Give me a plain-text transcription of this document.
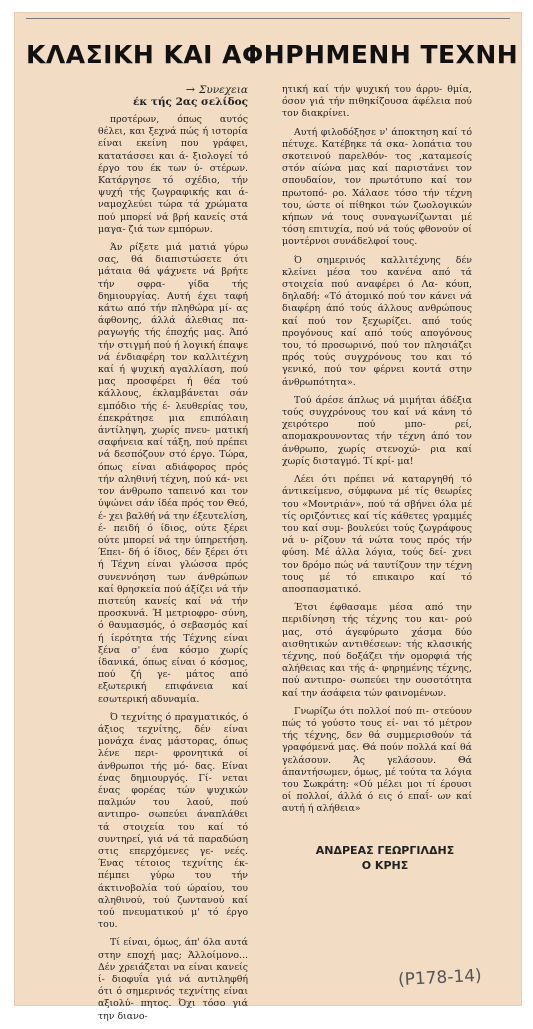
ΚΛΑΣΙΚΗ ΚΑΙ ΑΦΗΡΗΜΕΝΗ ΤΕΧΝΗ
→ Συνεχεια
έκ τής 2ας σελίδος

προτέρων, όπως αυτός θέλει, και ξεχνά πώς ή ιστορία είναι εκείνη που γράφει, κατατάσσει και ά- ξιολογεί τό έργο του έκ των ύ- στέρων. Κατάργησε τό σχέδιο, τήν ψυχή τής ζωγραφικής και ά- ναμοχλεύει τώρα τά χρώματα πού μπορεί νά βρή κανείς στά μαγα- ζιά των εμπόρων.

Άν ρίξετε μιά ματιά γύρω σας, θά διαπιστώσετε ότι μάταια θά ψάχνετε νά βρήτε τήν σφρα- γίδα τής δημιουργίας. Αυτή έχει ταφή κάτω από τήν πληθώρα μί- ας άφθονης, άλλά άλεθιας πα- ραγωγής τής έποχής μας. Άπό τήν στιγμή πού ή λογική έπαψε νά ένδιαφέρη τον καλλιτέχνη καί ή ψυχική αγαλλίαση, πού μας προσφέρει ή θέα τού κάλλους, έκλαμβάνεται σάν εμπόδιο τής έ- λευθερίας του, έπεκράτησε μια επιπόλαιη άντίληψη, χωρίς πνευ- ματική σαφήνεια καί τάξη, πού πρέπει νά δεσπόζουν στό έργο. Τώρα, όπως είναι αδιάφορος πρός τήν αληθινή τέχνη, πού κά- νει τον άνθρωπο ταπεινό και τον ύψώνει σάν ίδέα πρός τον Θεό, έ- χει βαλθή νά την έξευτελίση, έ- πειδή ό ίδιος, ούτε ξέρει ούτε μπορεί νά την ύπηρετήση. Έπει- δή ό ίδιος, δέν ξέρει ότι ή Τέχνη είναι γλώσσα πρός συνεννόηση των άνθρώπων καί θρησκεία πού άξίζει νά τήν πιστεύη κανείς καί νά τήν προσκυνά. Ή μετριοφρο- σύνη, ό θαυμασμός, ό σεβασμός καί ή ίερότητα τής Τέχνης είναι ξένα σ' ένα κόσμο χωρίς ίδανικά, όπως είναι ό κόσμος, πού ζή γε- μάτος από εξωτερική επιφάνεια καί εσωτερική αδυναμία.

Ό τεχνίτης ό πραγματικός, ό άξιος τεχνίτης, δέν είναι μονάχα ένας μάστορας, όπως λένε περι- φρονητικά οί άνθρωποι τής μό- δας. Είναι ένας δημιουργός. Γί- νεται ένας φορέας τών ψυχικών παλμών του λαού, πού αντιπρο- σωπεύει άναπλάθει τά στοιχεία του καί τό συντηρεί, γιά νά τά παραδώση στις επερχόμενες γε- νεές. Ένας τέτοιος τεχνίτης έκ- πέμπει γύρω του τήν άκτινοβολία τού ώραίου, του αληθινού, τού ζωντανού καί τού πνευματικού μ' τό έργο του.

Τί είναι, όμως, άπ' όλα αυτά στην εποχή μας; Άλλοίμονο... Δέν χρειάζεται να είναι κανείς ί- διοφυΐα γιά νά αντιληφθή ότι ό σημερινός τεχνίτης είναι αξιολύ- πητος. Όχι τόσο γιά την διανο-

ητική καί τήν ψυχική του άρρυ- θμία, όσον γιά τήν πιθηκίζουσα άφέλεια πού τον διακρίνει.

Αυτή φιλοδόξησε ν' άποκτηση καί τό πέτυχε. Κατέβηκε τά σκα- λοπάτια του σκοτεινού παρελθόν- τος ,καταμεσίς στόν αίώνα μας καί παριστάνει τον σπουδαίον, τον πρωτότυπο καί τον πρωτοπό- ρο. Χάλασε τόσο τήν τέχνη του, ώστε οί πίθηκοι τών ζωολογικών κήπων νά τους συναγωνίζωνται μέ τόση επιτυχία, πού νά τούς φθονούν οί μοντέρνοι συνάδελφοί τους.

Ό σημερινός καλλιτέχνης δέν κλείνει μέσα του κανένα από τά στοιχεία πού αναφέρει ό Λα- κόυπ, δηλαδή: «Τό άτομικό πού τον κάνει νά διαφέρη άπό τούς άλλους ανθρώπους καί πού τον ξεχωρίζει. από τούς προγόνους καί από τούς απογόνους του, τό προσωρινό, πού τον πλησιάζει πρός τούς συγχρόνους του και τό γενικό, πού τον φέρνει κοντά στην άνθρωπότητα».

Τού άρέσε άπλως νά μιμήται άδέξια τούς συγχρόνους του καί νά κάνη τό χειρότερο πού μπο- ρεί, απομακρουνοντας τήν τέχνη άπό τον άνθρωπο, χωρίς στενοχώ- ρια καί χωρίς δισταγμό. Τί κρί- μα!

Λέει ότι πρέπει νά καταργηθή τό άντικείμενο, σύμφωνα μέ τίς θεωρίες του «Μοντριάν», πού τά σβήνει όλα μέ τίς οριζόντιες καί τίς κάθετες γραμμές του καί συμ- βουλεύει τούς ζωγράφους νά υ- ρίζουν τά νώτα τους πρός τήν φύση. Μέ άλλα λόγια, τούς δεί- χνει τον δρόμο πώς νά ταυτίζουν την τέχνη τους μέ τό επικαιρο καί τό αποσπασματικό.

Έτσι έφθασαμε μέσα από την περιδίνηση τής τέχνης του και- ρού μας, στό άγεφύρωτο χάσμα δύο αισθητικών αντιθέσεων: τής κλασικής τέχνης, πού δοξάζει τήν ομορφιά τής αλήθειας και τής ά- φηρημένης τέχνης, πού αντιπρο- σωπεύει την ουσοτότητα καί την άσάφεια τών φαινομένων.

Γνωρίζω ότι πολλοί πού πι- στεύουν πώς τό γούστο τους εί- ναι τό μέτρον τής τέχνης, δεν θά συμμερισθούν τά γραφόμενά μας. Θά πούν πολλά καί θά γελάσουν. Άς γελάσουν. Θά άπαντήσωμεν, όμως, μέ τούτα τα λόγια του Σωκράτη: «Ού μέλει μοι τί έρουσι οί πολλοί, άλλά ό εις ό επαΐ- ων καί αυτή ή αλήθεια»

ΑΝΔΡΕΑΣ ΓΕΩΡΓΙΛΔΗΣ
Ο ΚΡΗΣ
(Ρ178-14)
